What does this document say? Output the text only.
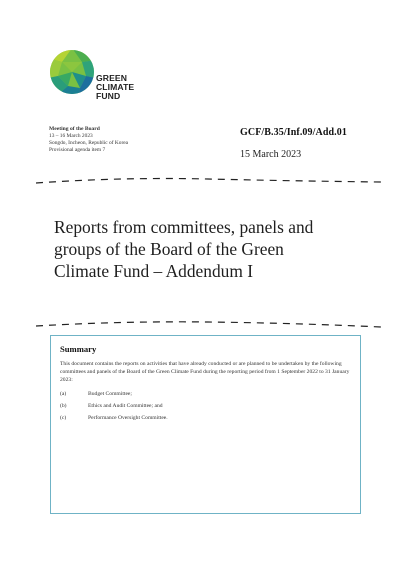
GREEN
CLIMATE
FUND
Meeting of the Board
13 – 16 March 2023
Songdo, Incheon, Republic of Korea
Provisional agenda item 7
GCF/B.35/Inf.09/Add.01
15 March 2023
Reports from committees, panels and
groups of the Board of the Green
Climate Fund – Addendum I
Summary

This document contains the reports on activities that have already conducted or are planned to be undertaken by the following committees and panels of the Board of the Green Climate Fund during the reporting period from 1 September 2022 to 31 January 2023:

(a)	Budget Committee;
(b)	Ethics and Audit Committee; and
(c)	Performance Oversight Committee.
